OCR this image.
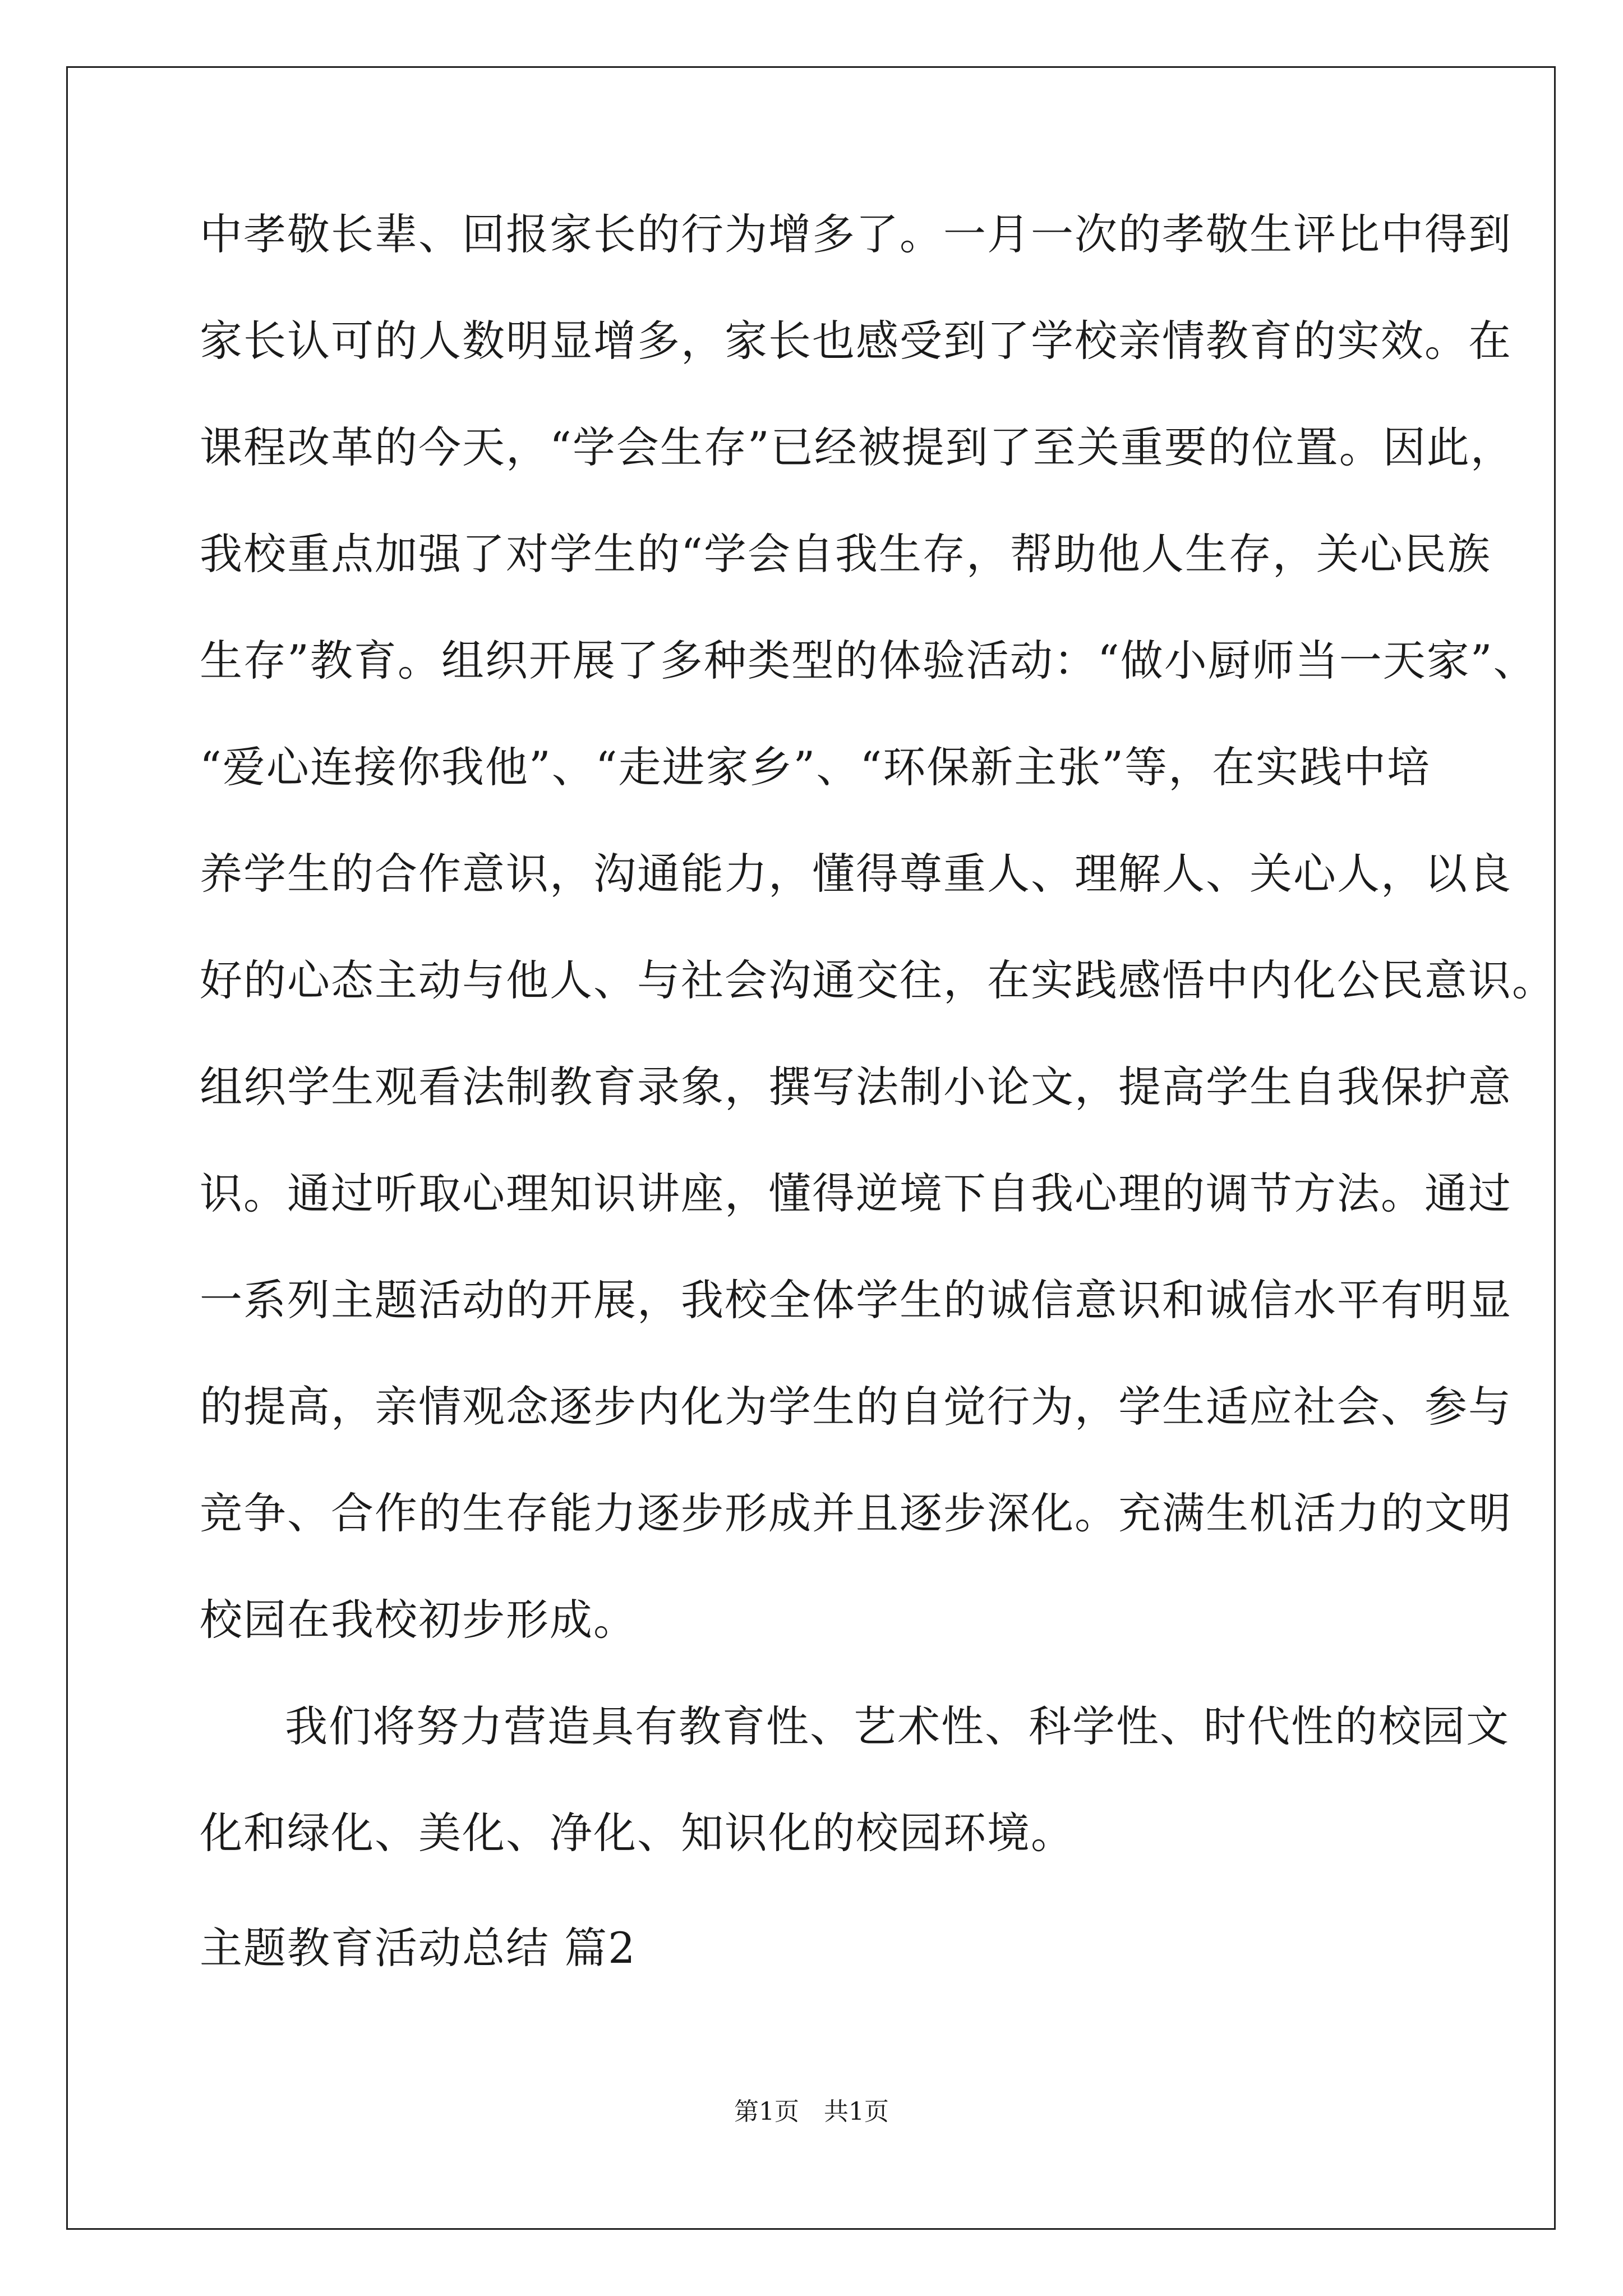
中孝敬长辈、回报家长的行为增多了。一月一次的孝敬生评比中得到
家长认可的人数明显增多，家长也感受到了学校亲情教育的实效。在
课程改革的今天，“学会生存”已经被提到了至关重要的位置。因此，
我校重点加强了对学生的“学会自我生存，帮助他人生存，关心民族
生存”教育。组织开展了多种类型的体验活动：“做小厨师当一天家”、
“爱心连接你我他”、“走进家乡”、“环保新主张”等，在实践中培
养学生的合作意识，沟通能力，懂得尊重人、理解人、关心人，以良
好的心态主动与他人、与社会沟通交往，在实践感悟中内化公民意识。
组织学生观看法制教育录象，撰写法制小论文，提高学生自我保护意
识。通过听取心理知识讲座，懂得逆境下自我心理的调节方法。通过
一系列主题活动的开展，我校全体学生的诚信意识和诚信水平有明显
的提高，亲情观念逐步内化为学生的自觉行为，学生适应社会、参与
竞争、合作的生存能力逐步形成并且逐步深化。充满生机活力的文明
校园在我校初步形成。
我们将努力营造具有教育性、艺术性、科学性、时代性的校园文
化和绿化、美化、净化、知识化的校园环境。
主题教育活动总结 篇2
第1页　共1页
